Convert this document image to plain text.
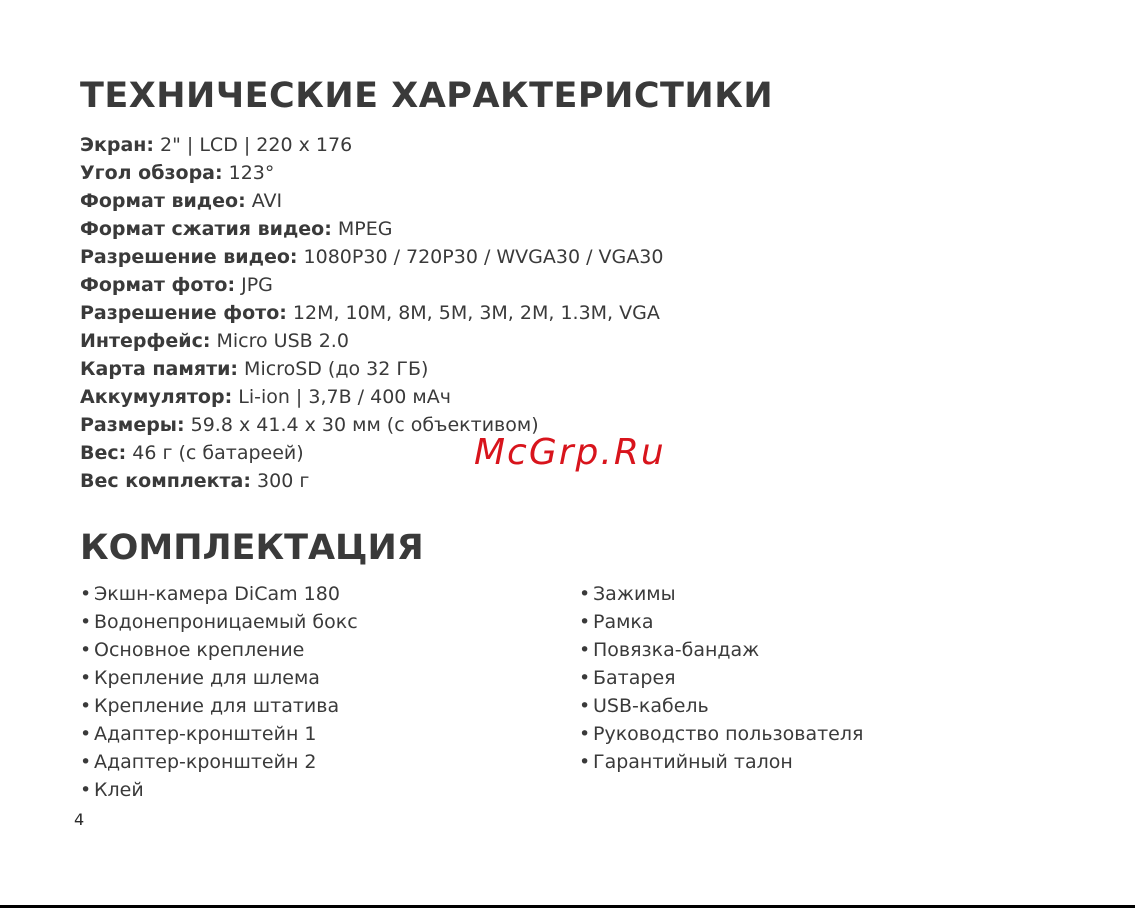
ТЕХНИЧЕСКИЕ ХАРАКТЕРИСТИКИ
Экран: 2" | LCD | 220 x 176
Угол обзора: 123°
Формат видео: AVI
Формат сжатия видео: MPEG
Разрешение видео: 1080P30 / 720P30 / WVGA30 / VGA30
Формат фото: JPG
Разрешение фото: 12M, 10M, 8M, 5M, 3M, 2M, 1.3M, VGA
Интерфейс: Micro USB 2.0
Карта памяти: MicroSD (до 32 ГБ)
Аккумулятор: Li-ion | 3,7В / 400 мАч
Размеры: 59.8 x 41.4 x 30 мм (с объективом)
Вес: 46 г (с батареей)
Вес комплекта: 300 г
McGrp.Ru
КОМПЛЕКТАЦИЯ
• Экшн-камера DiCam 180
• Водонепроницаемый бокс
• Основное крепление
• Крепление для шлема
• Крепление для штатива
• Адаптер-кронштейн 1
• Адаптер-кронштейн 2
• Клей
• Зажимы
• Рамка
• Повязка-бандаж
• Батарея
• USB-кабель
• Руководство пользователя
• Гарантийный талон
4
